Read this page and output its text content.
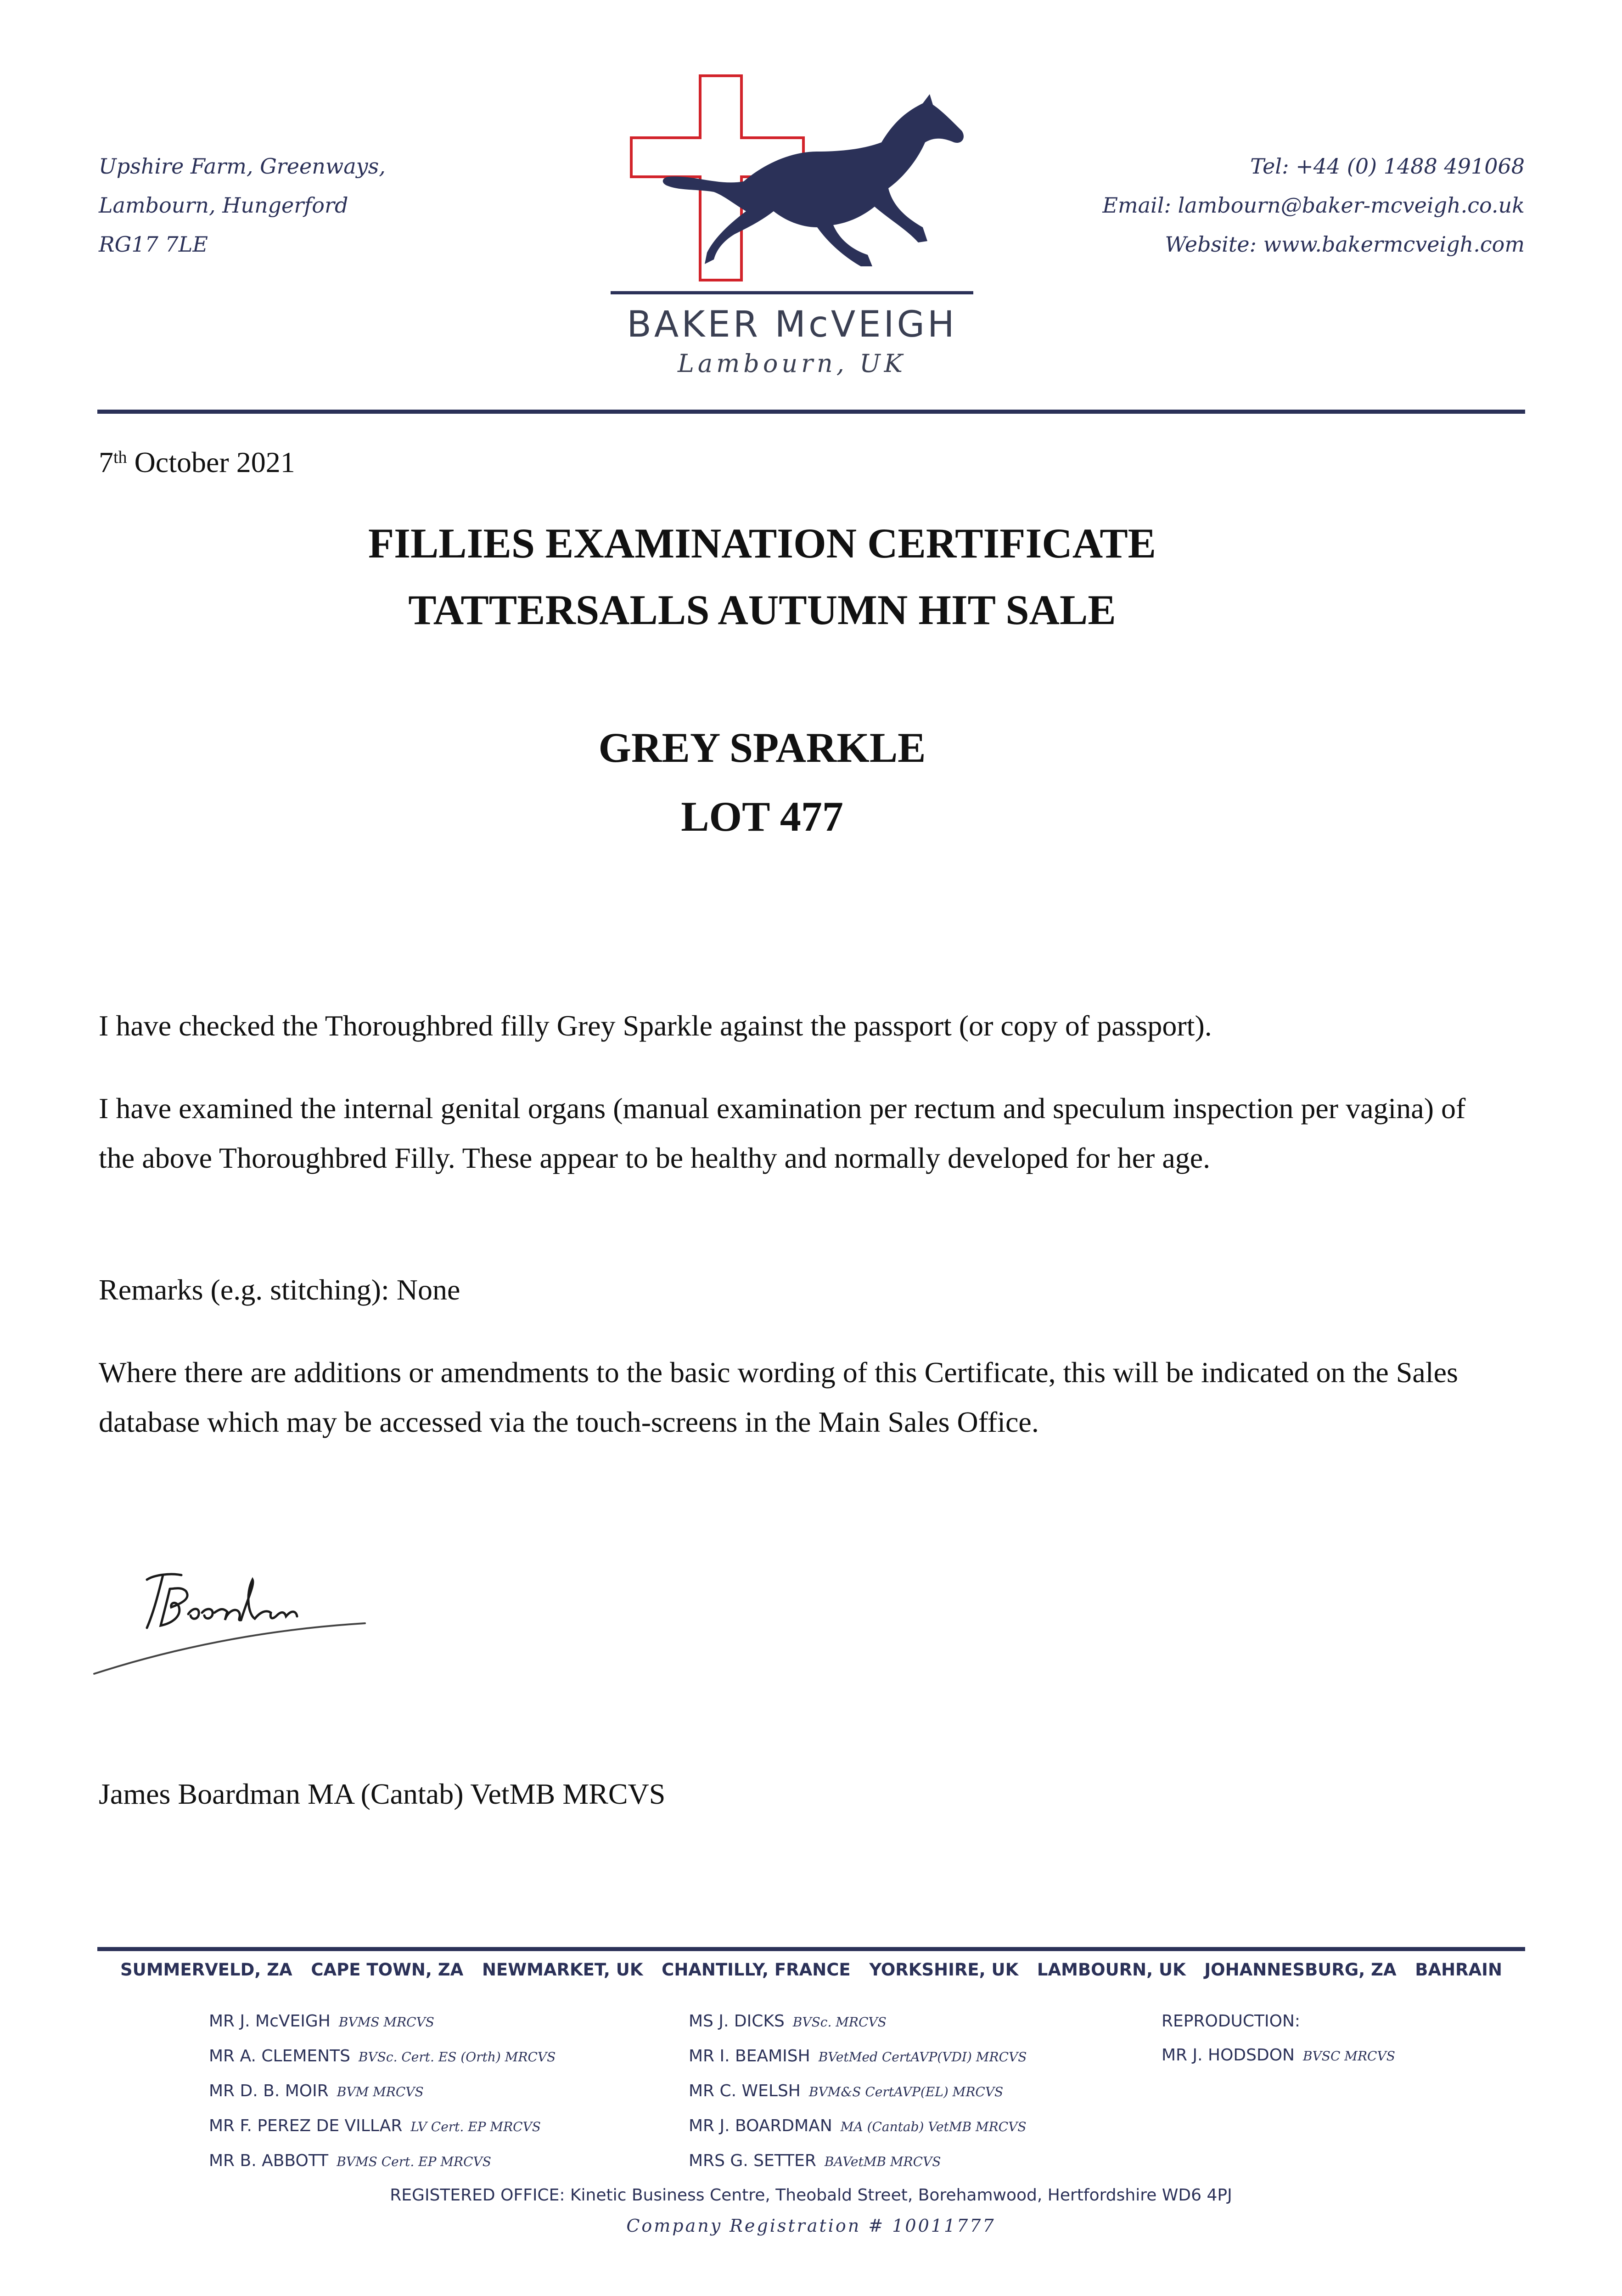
Upshire Farm, Greenways,
Lambourn, Hungerford
RG17 7LE
Tel: +44 (0) 1488 491068
Email: lambourn@baker-mcveigh.co.uk
Website: www.bakermcveigh.com
BAKER McVEIGH
Lambourn, UK
7th October 2021
FILLIES EXAMINATION CERTIFICATE
TATTERSALLS AUTUMN HIT SALE
GREY SPARKLE
LOT 477
I have checked the Thoroughbred filly Grey Sparkle against the passport (or copy of passport).
I have examined the internal genital organs (manual examination per rectum and speculum inspection per vagina) of the above Thoroughbred Filly. These appear to be healthy and normally developed for her age.
Remarks (e.g. stitching): None
Where there are additions or amendments to the basic wording of this Certificate, this will be indicated on the Sales database which may be accessed via the touch-screens in the Main Sales Office.
James Boardman MA (Cantab) VetMB MRCVS
SUMMERVELD, ZA CAPE TOWN, ZA NEWMARKET, UK CHANTILLY, FRANCE YORKSHIRE, UK LAMBOURN, UK JOHANNESBURG, ZA BAHRAIN
MR J. McVEIGH BVMS MRCVS
MR A. CLEMENTS BVSc. Cert. ES (Orth) MRCVS
MR D. B. MOIR BVM MRCVS
MR F. PEREZ DE VILLAR LV Cert. EP MRCVS
MR B. ABBOTT BVMS Cert. EP MRCVS
MS J. DICKS BVSc. MRCVS
MR I. BEAMISH BVetMed CertAVP(VDI) MRCVS
MR C. WELSH BVM&S CertAVP(EL) MRCVS
MR J. BOARDMAN MA (Cantab) VetMB MRCVS
MRS G. SETTER BAVetMB MRCVS
REPRODUCTION:
MR J. HODSDON BVSC MRCVS
REGISTERED OFFICE: Kinetic Business Centre, Theobald Street, Borehamwood, Hertfordshire WD6 4PJ
Company Registration # 10011777
